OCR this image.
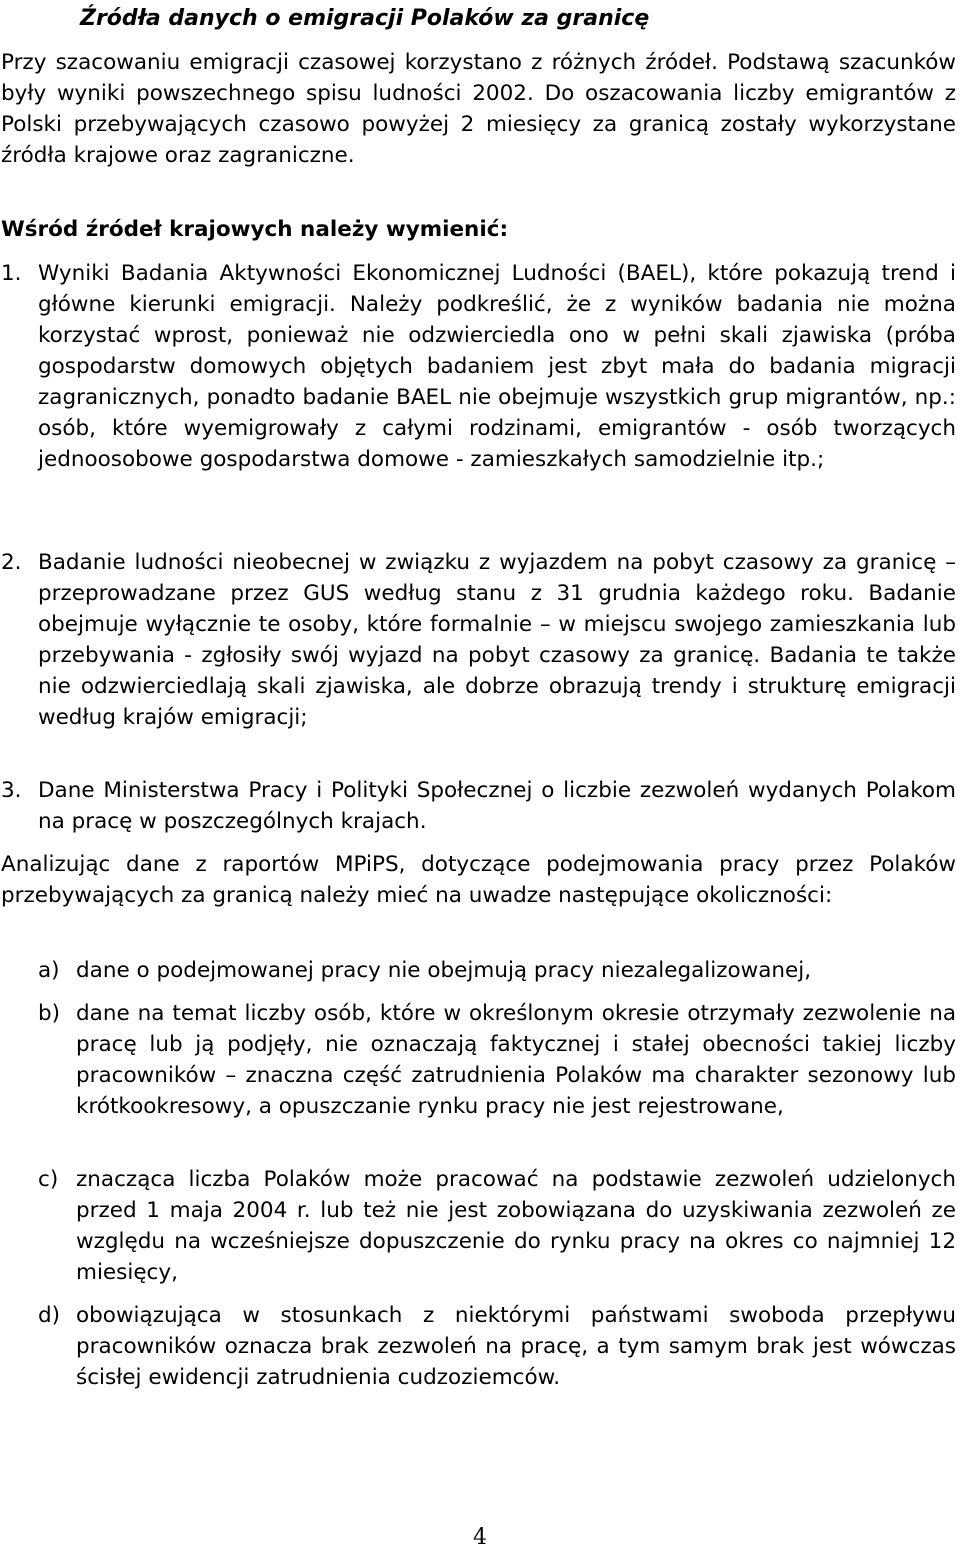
Źródła danych o emigracji Polaków za granicę

Przy szacowaniu emigracji czasowej korzystano z różnych źródeł. Podstawą szacunków były wyniki powszechnego spisu ludności 2002. Do oszacowania liczby emigrantów z Polski przebywających czasowo powyżej 2 miesięcy za granicą zostały wykorzystane źródła krajowe oraz zagraniczne.

Wśród źródeł krajowych należy wymienić:
1. Wyniki Badania Aktywności Ekonomicznej Ludności (BAEL), które pokazują trend i główne kierunki emigracji. Należy podkreślić, że z wyników badania nie można korzystać wprost, ponieważ nie odzwierciedla ono w pełni skali zjawiska (próba gospodarstw domowych objętych badaniem jest zbyt mała do badania migracji zagranicznych, ponadto badanie BAEL nie obejmuje wszystkich grup migrantów, np.: osób, które wyemigrowały z całymi rodzinami, emigrantów - osób tworzących jednoosobowe gospodarstwa domowe - zamieszkałych samodzielnie itp.;
2. Badanie ludności nieobecnej w związku z wyjazdem na pobyt czasowy za granicę –przeprowadzane przez GUS według stanu z 31 grudnia każdego roku. Badanie obejmuje wyłącznie te osoby, które formalnie – w miejscu swojego zamieszkania lub przebywania - zgłosiły swój wyjazd na pobyt czasowy za granicę. Badania te także nie odzwierciedlają skali zjawiska, ale dobrze obrazują trendy i strukturę emigracji według krajów emigracji;
3. Dane Ministerstwa Pracy i Polityki Społecznej o liczbie zezwoleń wydanych Polakom na pracę w poszczególnych krajach.

Analizując dane z raportów MPiPS, dotyczące podejmowania pracy przez Polaków przebywających za granicą należy mieć na uwadze następujące okoliczności:

a) dane o podejmowanej pracy nie obejmują pracy niezalegalizowanej,
b) dane na temat liczby osób, które w określonym okresie otrzymały zezwolenie na pracę lub ją podjęły, nie oznaczają faktycznej i stałej obecności takiej liczby pracowników – znaczna część zatrudnienia Polaków ma charakter sezonowy lub krótkookresowy, a opuszczanie rynku pracy nie jest rejestrowane,
c) znacząca liczba Polaków może pracować na podstawie zezwoleń udzielonych przed 1 maja 2004 r. lub też nie jest zobowiązana do uzyskiwania zezwoleń ze względu na wcześniejsze dopuszczenie do rynku pracy na okres co najmniej 12 miesięcy,
d) obowiązująca w stosunkach z niektórymi państwami swoboda przepływu pracowników oznacza brak zezwoleń na pracę, a tym samym brak jest wówczas ścisłej ewidencji zatrudnienia cudzoziemców.
4
